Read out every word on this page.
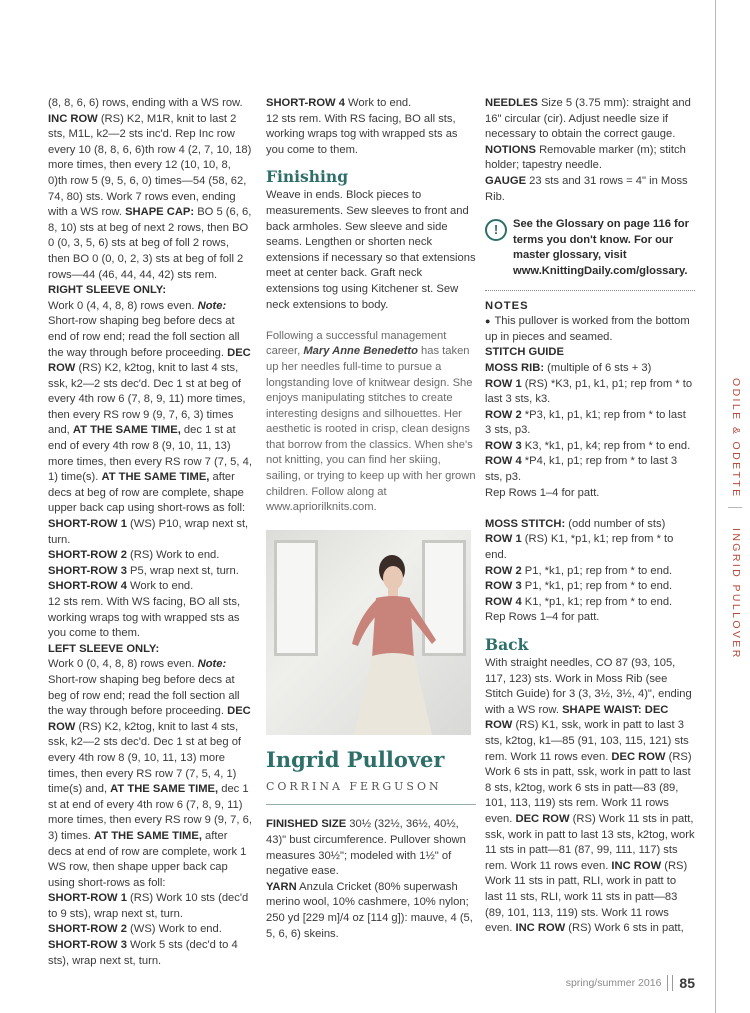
(8, 8, 6, 6) rows, ending with a WS row.

INC ROW (RS) K2, M1R, knit to last 2 sts, M1L, k2—2 sts inc'd. Rep Inc row every 10 (8, 8, 6, 6)th row 4 (2, 7, 10, 18) more times, then every 12 (10, 10, 8, 0)th row 5 (9, 5, 6, 0) times—54 (58, 62, 74, 80) sts. Work 7 rows even, ending with a WS row. SHAPE CAP: BO 5 (6, 6, 8, 10) sts at beg of next 2 rows, then BO 0 (0, 3, 5, 6) sts at beg of foll 2 rows, then BO 0 (0, 0, 2, 3) sts at beg of foll 2 rows—44 (46, 44, 44, 42) sts rem.

RIGHT SLEEVE ONLY:

Work 0 (4, 4, 8, 8) rows even. Note: Short-row shaping beg before decs at end of row end; read the foll section all the way through before proceeding. DEC ROW (RS) K2, k2tog, knit to last 4 sts, ssk, k2—2 sts dec'd. Dec 1 st at beg of every 4th row 6 (7, 8, 9, 11) more times, then every RS row 9 (9, 7, 6, 3) times and, AT THE SAME TIME, dec 1 st at end of every 4th row 8 (9, 10, 11, 13) more times, then every RS row 7 (7, 5, 4, 1) time(s). AT THE SAME TIME, after decs at beg of row are complete, shape upper back cap using short-rows as foll:

SHORT-ROW 1 (WS) P10, wrap next st, turn.

SHORT-ROW 2 (RS) Work to end.

SHORT-ROW 3 P5, wrap next st, turn.

SHORT-ROW 4 Work to end.

12 sts rem. With WS facing, BO all sts, working wraps tog with wrapped sts as you come to them.

LEFT SLEEVE ONLY:

Work 0 (0, 4, 8, 8) rows even. Note: Short-row shaping beg before decs at beg of row end; read the foll section all the way through before proceeding. DEC ROW (RS) K2, k2tog, knit to last 4 sts, ssk, k2—2 sts dec'd. Dec 1 st at beg of every 4th row 8 (9, 10, 11, 13) more times, then every RS row 7 (7, 5, 4, 1) time(s) and, AT THE SAME TIME, dec 1 st at end of every 4th row 6 (7, 8, 9, 11) more times, then every RS row 9 (9, 7, 6, 3) times. AT THE SAME TIME, after decs at end of row are complete, work 1 WS row, then shape upper back cap using short-rows as foll:

SHORT-ROW 1 (RS) Work 10 sts (dec'd to 9 sts), wrap next st, turn.

SHORT-ROW 2 (WS) Work to end.

SHORT-ROW 3 Work 5 sts (dec'd to 4 sts), wrap next st, turn.

SHORT-ROW 4 Work to end.

12 sts rem. With RS facing, BO all sts, working wraps tog with wrapped sts as you come to them.

Finishing

Weave in ends. Block pieces to measurements. Sew sleeves to front and back armholes. Sew sleeve and side seams. Lengthen or shorten neck extensions if necessary so that extensions meet at center back. Graft neck extensions tog using Kitchener st. Sew neck extensions to body.

Following a successful management career, Mary Anne Benedetto has taken up her needles full-time to pursue a longstanding love of knitwear design. She enjoys manipulating stitches to create interesting designs and silhouettes. Her aesthetic is rooted in crisp, clean designs that borrow from the classics. When she's not knitting, you can find her skiing, sailing, or trying to keep up with her grown children. Follow along at www.apriorilknits.com.

Ingrid Pullover
CORRINA FERGUSON

FINISHED SIZE 30½ (32½, 36½, 40½, 43)" bust circumference. Pullover shown measures 30½"; modeled with 1½" of negative ease.

YARN Anzula Cricket (80% superwash merino wool, 10% cashmere, 10% nylon; 250 yd [229 m]/4 oz [114 g]): mauve, 4 (5, 5, 6, 6) skeins.

NEEDLES Size 5 (3.75 mm): straight and 16" circular (cir). Adjust needle size if necessary to obtain the correct gauge.

NOTIONS Removable marker (m); stitch holder; tapestry needle.

GAUGE 23 sts and 31 rows = 4" in Moss Rib.

!	See the Glossary on page 116 for terms you don't know. For our master glossary, visit www.KnittingDaily.com/glossary.

NOTES

● This pullover is worked from the bottom up in pieces and seamed.

STITCH GUIDE

MOSS RIB: (multiple of 6 sts + 3)

ROW 1 (RS) *K3, p1, k1, p1; rep from * to last 3 sts, k3.

ROW 2 *P3, k1, p1, k1; rep from * to last 3 sts, p3.

ROW 3 K3, *k1, p1, k4; rep from * to end.

ROW 4 *P4, k1, p1; rep from * to last 3 sts, p3.

Rep Rows 1–4 for patt.

MOSS STITCH: (odd number of sts)

ROW 1 (RS) K1, *p1, k1; rep from * to end.

ROW 2 P1, *k1, p1; rep from * to end.

ROW 3 P1, *k1, p1; rep from * to end.

ROW 4 K1, *p1, k1; rep from * to end.

Rep Rows 1–4 for patt.

Back

With straight needles, CO 87 (93, 105, 117, 123) sts. Work in Moss Rib (see Stitch Guide) for 3 (3, 3½, 3½, 4)", ending with a WS row. SHAPE WAIST: DEC ROW (RS) K1, ssk, work in patt to last 3 sts, k2tog, k1—85 (91, 103, 115, 121) sts rem. Work 11 rows even. DEC ROW (RS) Work 6 sts in patt, ssk, work in patt to last 8 sts, k2tog, work 6 sts in patt—83 (89, 101, 113, 119) sts rem. Work 11 rows even. DEC ROW (RS) Work 11 sts in patt, ssk, work in patt to last 13 sts, k2tog, work 11 sts in patt—81 (87, 99, 111, 117) sts rem. Work 11 rows even. INC ROW (RS) Work 11 sts in patt, RLI, work in patt to last 11 sts, RLI, work 11 sts in patt—83 (89, 101, 113, 119) sts. Work 11 rows even. INC ROW (RS) Work 6 sts in patt,

ODILE & ODETTE
INGRID PULLOVER
spring/summer 2016 85
